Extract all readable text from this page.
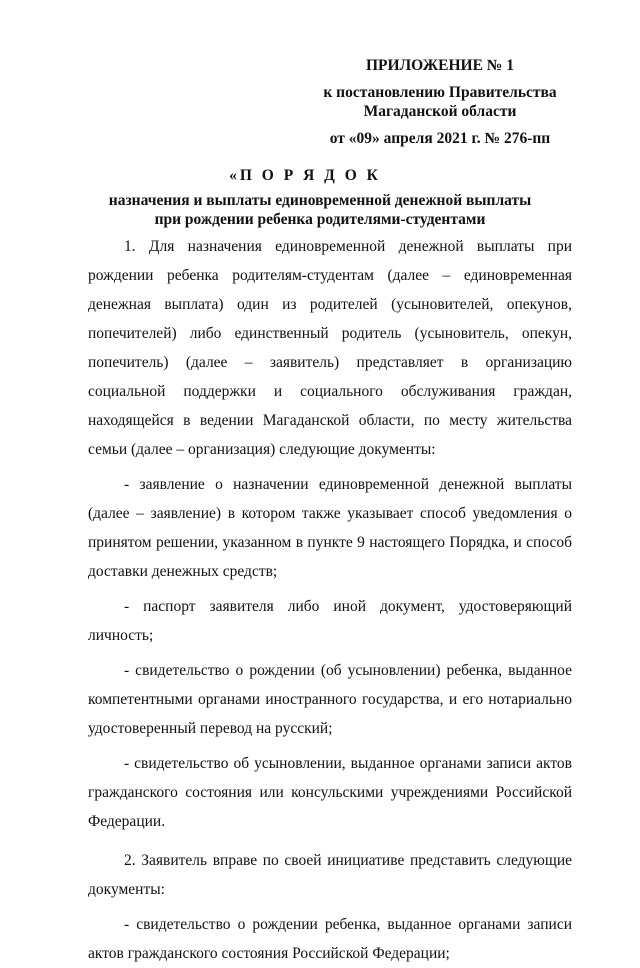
ПРИЛОЖЕНИЕ № 1
к постановлению Правительства
Магаданской области
от «09» апреля 2021 г. № 276-пп
«П О Р Я Д О К
назначения и выплаты единовременной денежной выплаты
при рождении ребенка родителями-студентами

1. Для назначения единовременной денежной выплаты при рождении ребенка родителям-студентам (далее – единовременная денежная выплата) один из родителей (усыновителей, опекунов, попечителей) либо единственный родитель (усыновитель, опекун, попечитель) (далее – заявитель) представляет в организацию социальной поддержки и социального обслуживания граждан, находящейся в ведении Магаданской области, по месту жительства семьи (далее – организация) следующие документы:

- заявление о назначении единовременной денежной выплаты (далее – заявление) в котором также указывает способ уведомления о принятом решении, указанном в пункте 9 настоящего Порядка, и способ доставки денежных средств;

- паспорт заявителя либо иной документ, удостоверяющий личность;

- свидетельство о рождении (об усыновлении) ребенка, выданное компетентными органами иностранного государства, и его нотариально удостоверенный перевод на русский;

- свидетельство об усыновлении, выданное органами записи актов гражданского состояния или консульскими учреждениями Российской Федерации.

2. Заявитель вправе по своей инициативе представить следующие документы:

- свидетельство о рождении ребенка, выданное органами записи актов гражданского состояния Российской Федерации;
